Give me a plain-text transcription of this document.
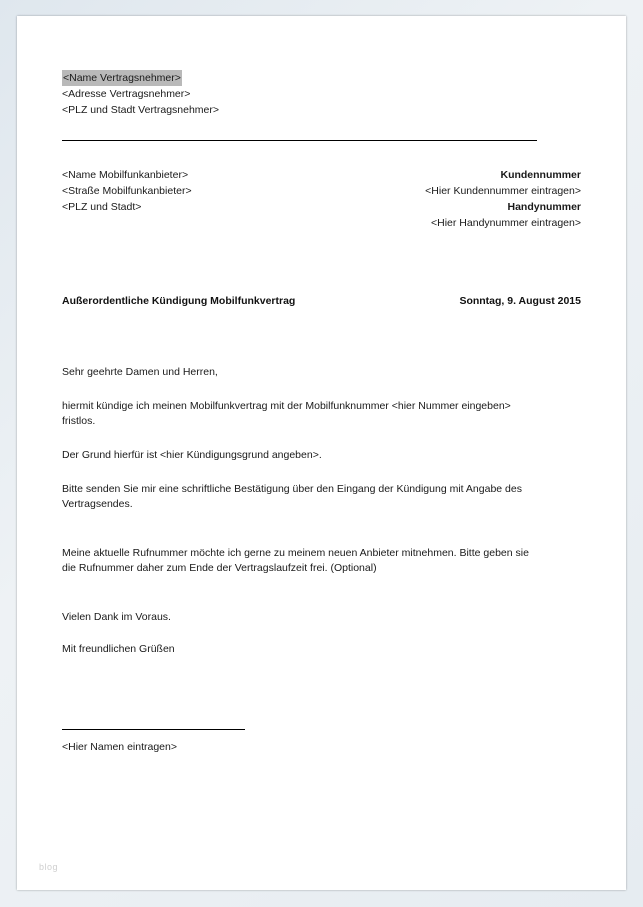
<Name Vertragsnehmer>
<Adresse Vertragsnehmer>
<PLZ und Stadt Vertragsnehmer>
<Name Mobilfunkanbieter>
<Straße Mobilfunkanbieter>
<PLZ und Stadt>
Kundennummer
<Hier Kundennummer eintragen>
Handynummer
<Hier Handynummer eintragen>
Außerordentliche Kündigung Mobilfunkvertrag	Sonntag, 9. August 2015

Sehr geehrte Damen und Herren,

hiermit kündige ich meinen Mobilfunkvertrag mit der Mobilfunknummer <hier Nummer eingeben> fristlos.

Der Grund hierfür ist <hier Kündigungsgrund angeben>.

Bitte senden Sie mir eine schriftliche Bestätigung über den Eingang der Kündigung mit Angabe des Vertragsendes.

Meine aktuelle Rufnummer möchte ich gerne zu meinem neuen Anbieter mitnehmen. Bitte geben sie die Rufnummer daher zum Ende der Vertragslaufzeit frei. (Optional)

Vielen Dank im Voraus.

Mit freundlichen Grüßen

<Hier Namen eintragen>
blog
